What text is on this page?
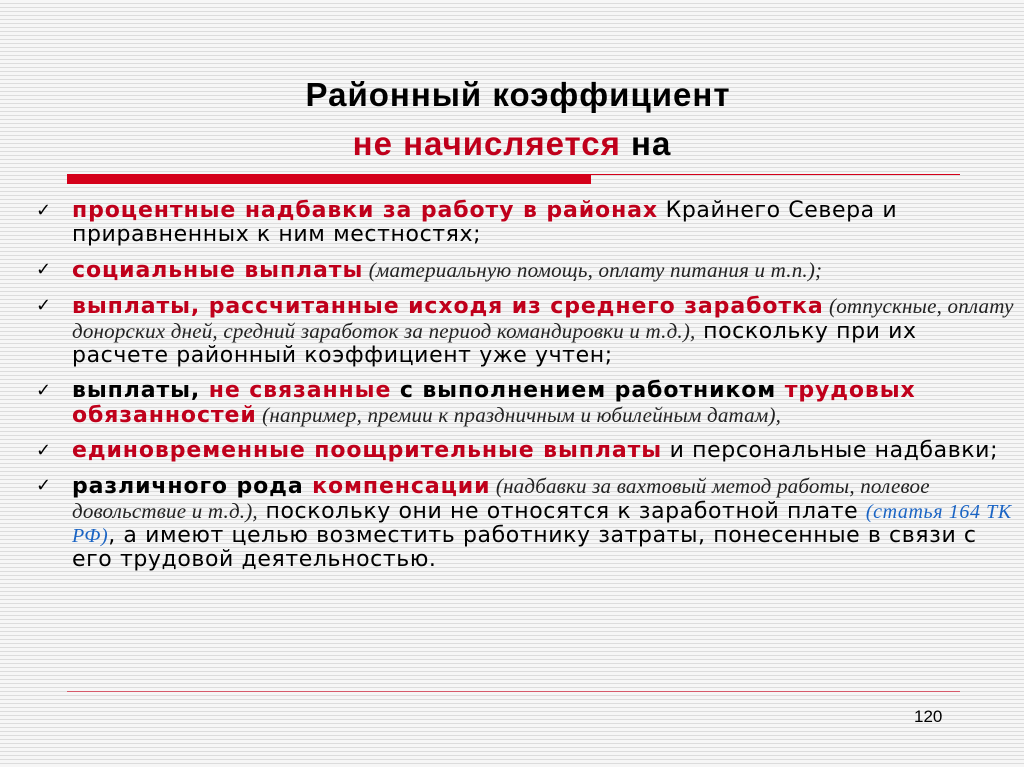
Районный коэффициент
не начисляется на
✓ процентные надбавки за работу в районах Крайнего Севера и приравненных к ним местностях;
✓ социальные выплаты (материальную помощь, оплату питания и т.п.);
✓ выплаты, рассчитанные исходя из среднего заработка (отпускные, оплату донорских дней, средний заработок за период командировки и т.д.), поскольку при их расчете районный коэффициент уже учтен;
✓ выплаты, не связанные с выполнением работником трудовых обязанностей (например, премии к праздничным и юбилейным датам),
✓ единовременные поощрительные выплаты и персональные надбавки;
✓ различного рода компенсации (надбавки за вахтовый метод работы, полевое довольствие и т.д.), поскольку они не относятся к заработной плате (статья 164 ТК РФ), а имеют целью возместить работнику затраты, понесенные в связи с его трудовой деятельностью.
120
